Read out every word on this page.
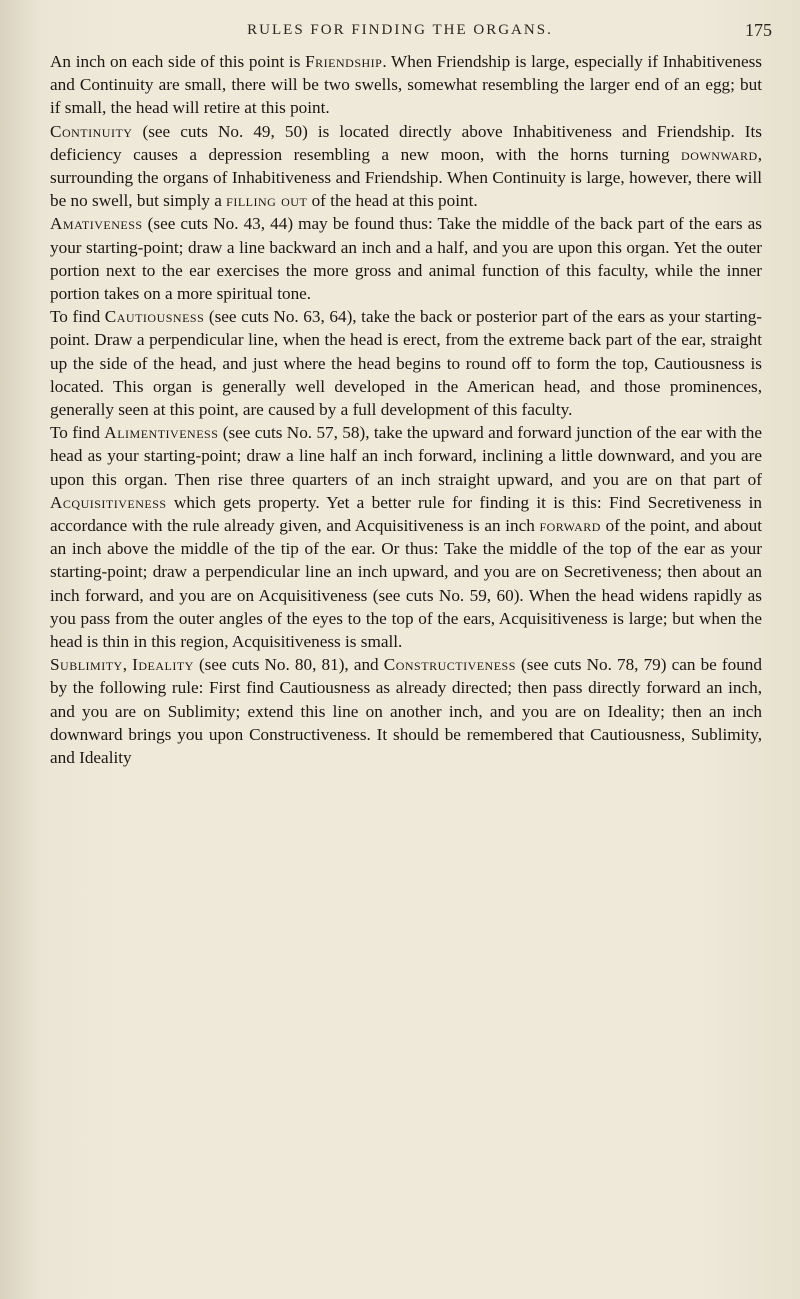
RULES FOR FINDING THE ORGANS.	175

An inch on each side of this point is Friendship. When Friendship is large, especially if Inhabitiveness and Continuity are small, there will be two swells, somewhat resembling the larger end of an egg; but if small, the head will retire at this point.

Continuity (see cuts No. 49, 50) is located directly above Inhabitiveness and Friendship. Its deficiency causes a depression resembling a new moon, with the horns turning downward, surrounding the organs of Inhabitiveness and Friendship. When Continuity is large, however, there will be no swell, but simply a filling out of the head at this point.

Amativeness (see cuts No. 43, 44) may be found thus: Take the middle of the back part of the ears as your starting-point; draw a line backward an inch and a half, and you are upon this organ. Yet the outer portion next to the ear exercises the more gross and animal function of this faculty, while the inner portion takes on a more spiritual tone.

To find Cautiousness (see cuts No. 63, 64), take the back or posterior part of the ears as your starting-point. Draw a perpendicular line, when the head is erect, from the extreme back part of the ear, straight up the side of the head, and just where the head begins to round off to form the top, Cautiousness is located. This organ is generally well developed in the American head, and those prominences, generally seen at this point, are caused by a full development of this faculty.

To find Alimentiveness (see cuts No. 57, 58), take the upward and forward junction of the ear with the head as your starting-point; draw a line half an inch forward, inclining a little downward, and you are upon this organ. Then rise three quarters of an inch straight upward, and you are on that part of Acquisitiveness which gets property. Yet a better rule for finding it is this: Find Secretiveness in accordance with the rule already given, and Acquisitiveness is an inch forward of the point, and about an inch above the middle of the tip of the ear. Or thus: Take the middle of the top of the ear as your starting-point; draw a perpendicular line an inch upward, and you are on Secretiveness; then about an inch forward, and you are on Acquisitiveness (see cuts No. 59, 60). When the head widens rapidly as you pass from the outer angles of the eyes to the top of the ears, Acquisitiveness is large; but when the head is thin in this region, Acquisitiveness is small.

Sublimity, Ideality (see cuts No. 80, 81), and Constructiveness (see cuts No. 78, 79) can be found by the following rule: First find Cautiousness as already directed; then pass directly forward an inch, and you are on Sublimity; extend this line on another inch, and you are on Ideality; then an inch downward brings you upon Constructiveness. It should be remembered that Cautiousness, Sublimity, and Ideality
